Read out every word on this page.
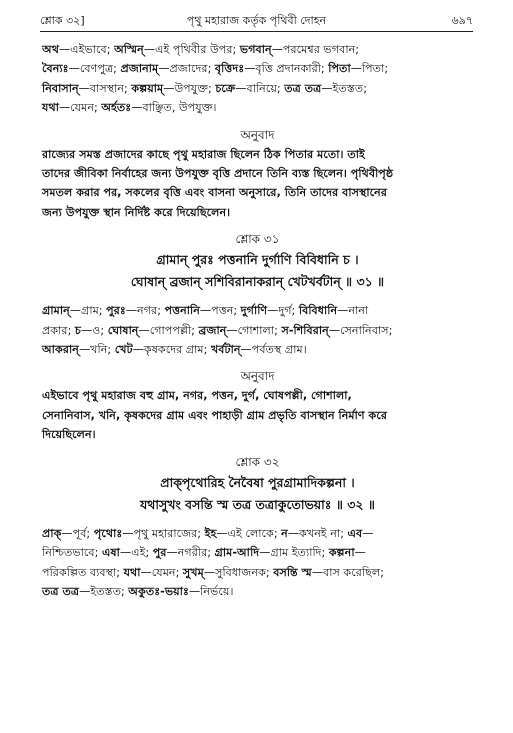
শ্লোক ৩২]	পৃথু মহারাজ কর্তৃক পৃথিবী দোহন	৬৯৭

অথ—এইভাবে; অস্মিন্—এই পৃথিবীর উপর; ভগবান্—পরমেশ্বর ভগবান;

বৈন্যঃ—বেণপুত্র; প্রজানাম্—প্রজাদের; বৃত্তিদঃ—বৃত্তি প্রদানকারী; পিতা—পিতা;

নিবাসান্—বাসস্থান; কল্পয়াম্—উপযুক্ত; চক্রে—বানিয়ে; তত্র তত্র—ইতস্তত;

যথা—যেমন; অর্হতঃ—বাঞ্ছিত, উপযুক্ত।

অনুবাদ

রাজ্যের সমস্ত প্রজাদের কাছে পৃথু মহারাজ ছিলেন ঠিক পিতার মতো। তাই

তাদের জীবিকা নির্বাহের জন্য উপযুক্ত বৃত্তি প্রদানে তিনি ব্যস্ত ছিলেন। পৃথিবীপৃষ্ঠ

সমতল করার পর, সকলের বৃত্তি এবং বাসনা অনুসারে, তিনি তাদের বাসস্থানের

জন্য উপযুক্ত স্থান নির্দিষ্ট করে দিয়েছিলেন।

শ্লোক ৩১

গ্রামান্ পুরঃ পত্তনানি দুর্গাণি বিবিধানি চ ।

ঘোষান্ ব্রজান্ সশিবিরানাকরান্ খেটখর্বটান্ ॥ ৩১ ॥

গ্রামান্—গ্রাম; পুরঃ—নগর; পত্তনানি—পত্তন; দুর্গাণি—দুর্গ; বিবিধানি—নানা

প্রকার; চ—ও; ঘোষান্—গোপপল্লী; ব্রজান্—গোশালা; স-শিবিরান্—সেনানিবাস;

আকরান্—খনি; খেট—কৃষকদের গ্রাম; খর্বটান্—পর্বতস্থ গ্রাম।

অনুবাদ

এইভাবে পৃথু মহারাজ বহু গ্রাম, নগর, পত্তন, দুর্গ, ঘোষপল্লী, গোশালা,

সেনানিবাস, খনি, কৃষকদের গ্রাম এবং পাহাড়ী গ্রাম প্রভৃতি বাসস্থান নির্মাণ করে

দিয়েছিলেন।

শ্লোক ৩২

প্রাক্পৃথোরিহ নৈবৈষা পুরগ্রামাদিকল্পনা ।

যথাসুখং বসন্তি স্ম তত্র তত্রাকুতোভয়াঃ ॥ ৩২ ॥

প্রাক্—পূর্ব; পৃথোঃ—পৃথু মহারাজের; ইহ—এই লোকে; ন—কখনই না; এব—

নিশ্চিতভাবে; এষা—এই; পুর—নগরীর; গ্রাম-আদি—গ্রাম ইত্যাদি; কল্পনা—

পরিকল্পিত ব্যবস্থা; যথা—যেমন; সুখম্—সুবিধাজনক; বসন্তি স্ম—বাস করেছিল;

তত্র তত্র—ইতস্তত; অকুতঃ-ভয়াঃ—নির্ভয়ে।
